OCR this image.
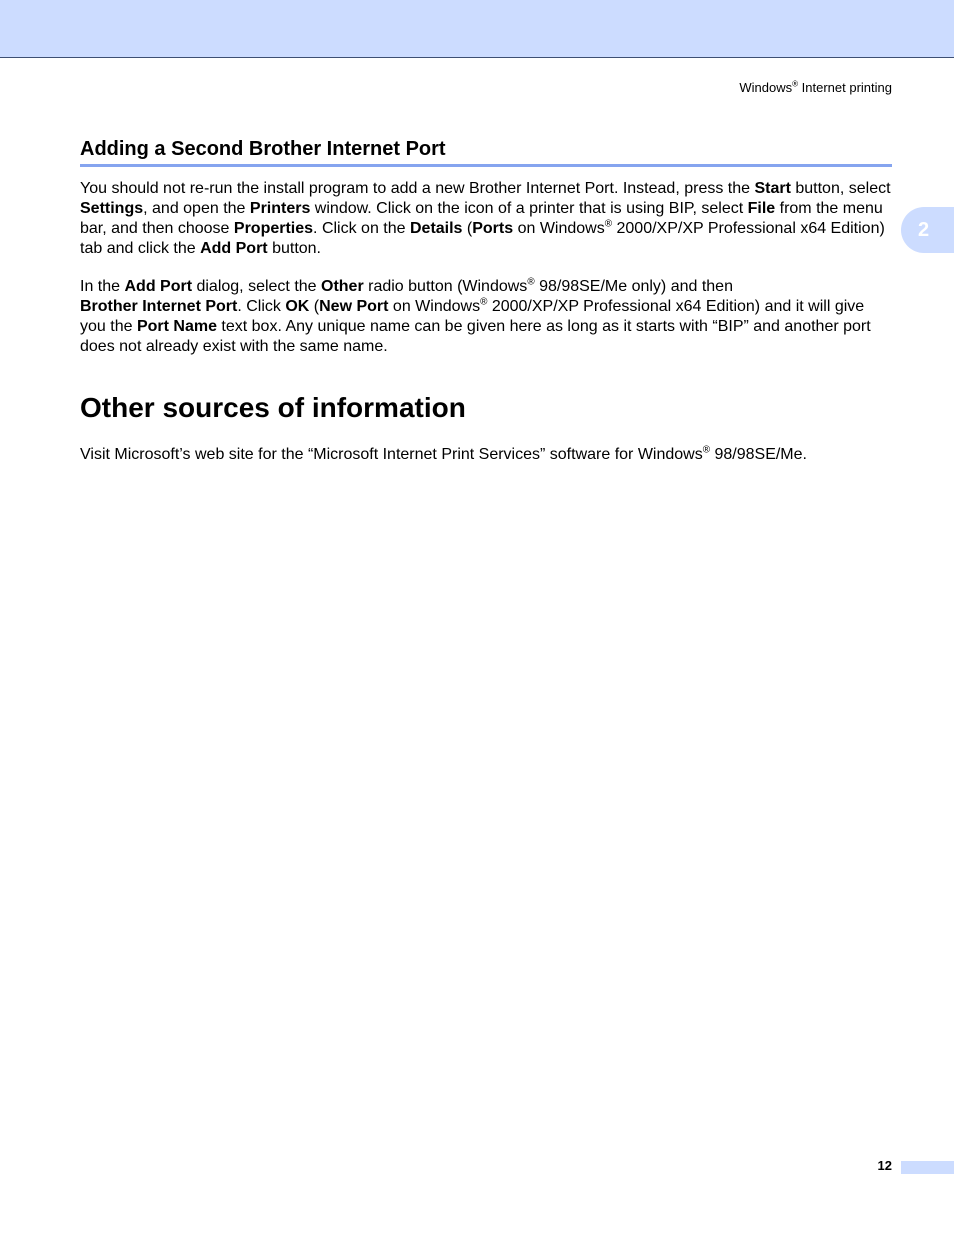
Windows® Internet printing
2
Adding a Second Brother Internet Port

You should not re-run the install program to add a new Brother Internet Port. Instead, press the Start button, select Settings, and open the Printers window. Click on the icon of a printer that is using BIP, select File from the menu bar, and then choose Properties. Click on the Details (Ports on Windows® 2000/XP/XP Professional x64 Edition) tab and click the Add Port button.

In the Add Port dialog, select the Other radio button (Windows® 98/98SE/Me only) and then
Brother Internet Port. Click OK (New Port on Windows® 2000/XP/XP Professional x64 Edition) and it will give you the Port Name text box. Any unique name can be given here as long as it starts with “BIP” and another port does not already exist with the same name.

Other sources of information

Visit Microsoft’s web site for the “Microsoft Internet Print Services” software for Windows® 98/98SE/Me.

12
